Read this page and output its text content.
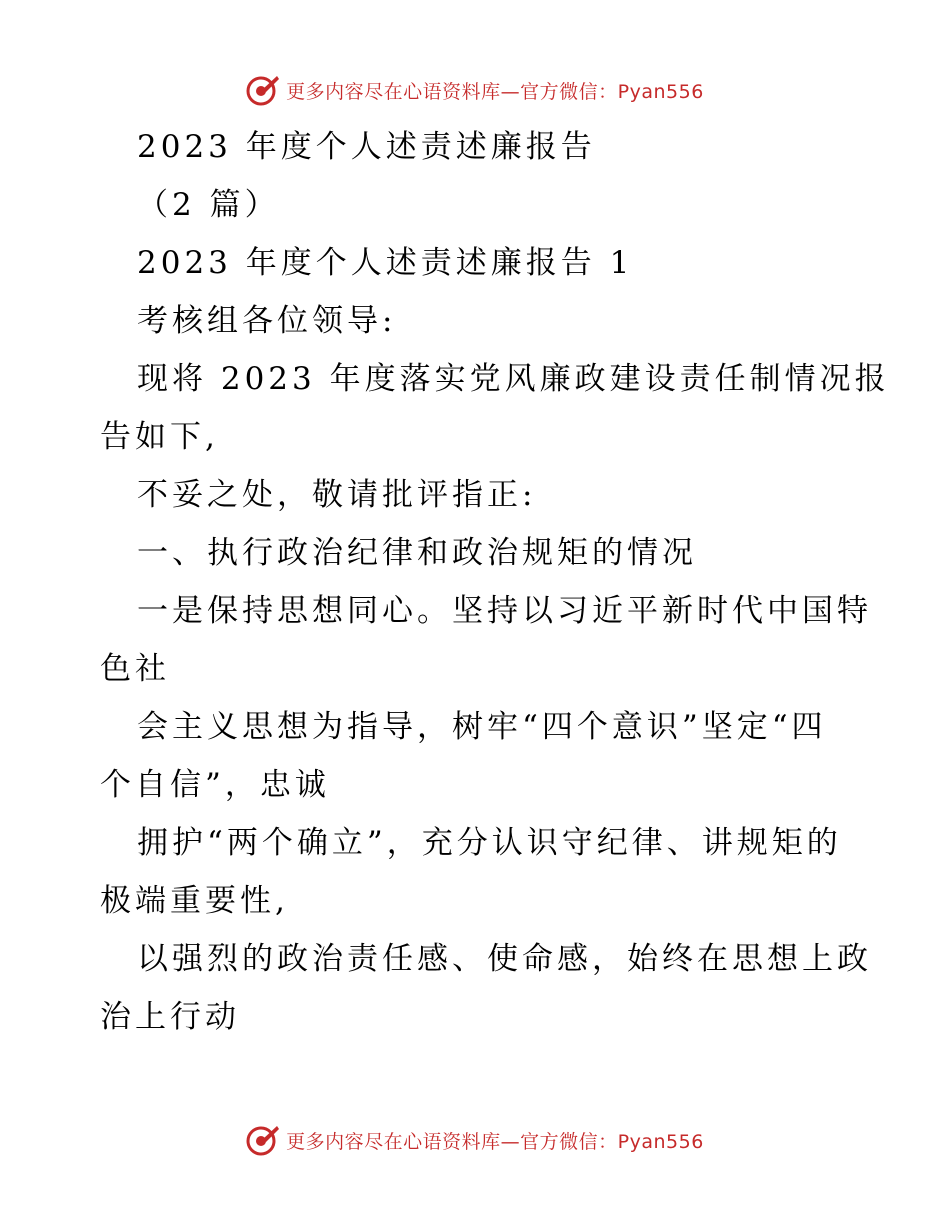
更多内容尽在心语资料库—官方微信：Pyan556
2023 年度个人述责述廉报告
（2 篇）
2023 年度个人述责述廉报告 1
考核组各位领导:
现将 2023 年度落实党风廉政建设责任制情况报
告如下,
不妥之处，敬请批评指正:
一、执行政治纪律和政治规矩的情况
一是保持思想同心。坚持以习近平新时代中国特
色社
会主义思想为指导，树牢“四个意识”坚定“四
个自信”，忠诚
拥护“两个确立”，充分认识守纪律、讲规矩的
极端重要性,
以强烈的政治责任感、使命感，始终在思想上政
治上行动
更多内容尽在心语资料库—官方微信：Pyan556
